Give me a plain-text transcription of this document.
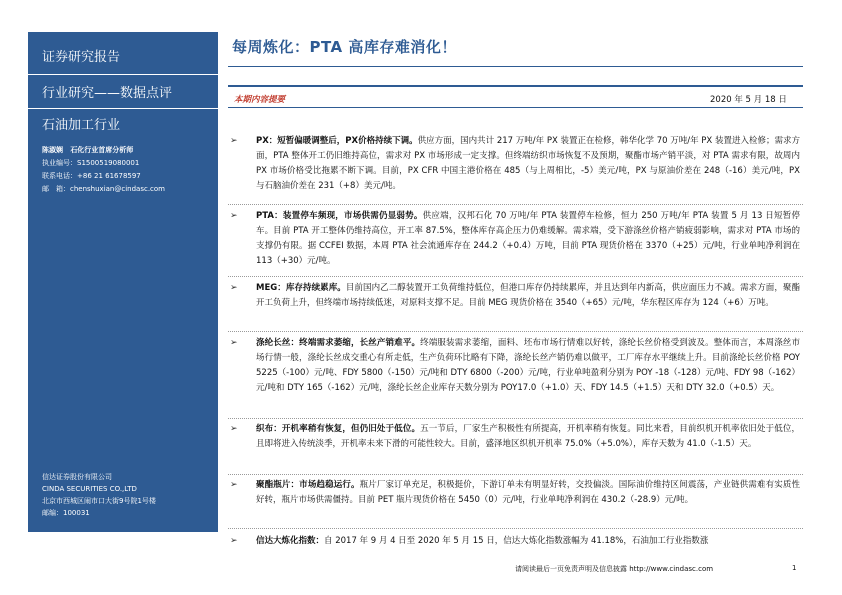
证券研究报告
行业研究——数据点评
石油加工行业
陈淑娴 石化行业首席分析师
执业编号：S1500519080001
联系电话：+86 21 61678597
邮　箱：chenshuxian@cindasc.com
信达证券股份有限公司
CINDA SECURITIES CO.,LTD
北京市西城区闹市口大街9号院1号楼
邮编：100031
每周炼化：PTA 高库存难消化！
本期内容提要	2020 年 5 月 18 日
➢ PX：短暂偏暖调整后，PX价格持续下调。供应方面，国内共计 217 万吨/年 PX 装置正在检修，韩华化学 70 万吨/年 PX 装置进入检修；需求方面，PTA 整体开工仍旧维持高位，需求对 PX 市场形成一定支撑。但终端纺织市场恢复不及预期，聚酯市场产销平淡，对 PTA 需求有限，故周内 PX 市场价格受比拖累不断下调。目前，PX CFR 中国主港价格在 485（与上周相比，-5）美元/吨，PX 与原油价差在 248（-16）美元/吨，PX 与石脑油价差在 231（+8）美元/吨。
➢ PTA：装置停车频现，市场供需仍显弱势。供应端，汉邦石化 70 万吨/年 PTA 装置停车检修，恒力 250 万吨/年 PTA 装置 5 月 13 日短暂停车。目前 PTA 开工整体仍维持高位，开工率 87.5%，整体库存高企压力仍难缓解。需求端，受下游涤丝价格产销疲弱影响，需求对 PTA 市场的支撑仍有限。据 CCFEI 数据，本周 PTA 社会流通库存在 244.2（+0.4）万吨，目前 PTA 现货价格在 3370（+25）元/吨，行业单吨净利润在 113（+30）元/吨。
➢ MEG：库存持续累库。目前国内乙二醇装置开工负荷维持低位，但港口库存仍持续累库，并且达到年内新高，供应面压力不减。需求方面，聚酯开工负荷上升，但终端市场持续低迷，对原料支撑不足。目前 MEG 现货价格在 3540（+65）元/吨，华东程区库存为 124（+6）万吨。
➢ 涤纶长丝：终端需求萎缩，长丝产销难平。终端服装需求萎缩，面料、坯布市场行情难以好转，涤纶长丝价格受到波及。整体而言，本周涤丝市场行情一般，涤纶长丝成交重心有所走低，生产负荷环比略有下降，涤纶长丝产销仍难以做平，工厂库存水平继续上升。目前涤纶长丝价格 POY 5225（-100）元/吨、FDY 5800（-150）元/吨和 DTY 6800（-200）元/吨，行业单吨盈利分别为 POY -18（-128）元/吨、FDY 98（-162）元/吨和 DTY 165（-162）元/吨，涤纶长丝企业库存天数分别为 POY17.0（+1.0）天、FDY 14.5（+1.5）天和 DTY 32.0（+0.5）天。
➢ 织布：开机率稍有恢复，但仍旧处于低位。五一节后，厂家生产积极性有所提高，开机率稍有恢复。同比来看，目前织机开机率依旧处于低位，且即将进入传统淡季，开机率未来下滑的可能性较大。目前，盛泽地区织机开机率 75.0%（+5.0%），库存天数为 41.0（-1.5）天。
➢ 聚酯瓶片：市场趋稳运行。瓶片厂家订单充足，积极挺价，下游订单未有明显好转，交投偏淡。国际油价维持区间震荡，产业链供需难有实质性好转，瓶片市场供需僵持。目前 PET 瓶片现货价格在 5450（0）元/吨，行业单吨净利润在 430.2（-28.9）元/吨。
➢ 信达大炼化指数：自 2017 年 9 月 4 日至 2020 年 5 月 15 日，信达大炼化指数涨幅为 41.18%，石油加工行业指数涨
请阅读最后一页免责声明及信息披露 http://www.cindasc.com	1
